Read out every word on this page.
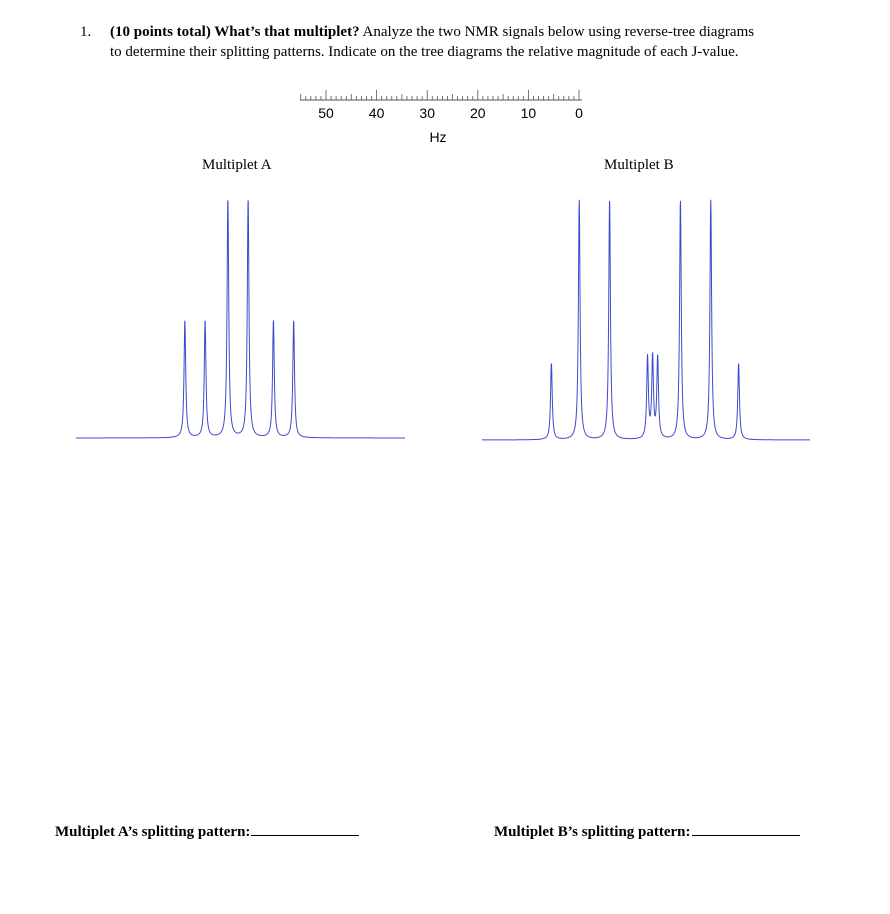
1. (10 points total) What’s that multiplet? Analyze the two NMR signals below using reverse-tree diagrams
to determine their splitting patterns. Indicate on the tree diagrams the relative magnitude of each J-value.
50	40	30	20	10	0
Hz
Multiplet A	Multiplet B
Multiplet A’s splitting pattern:	Multiplet B’s splitting pattern:
